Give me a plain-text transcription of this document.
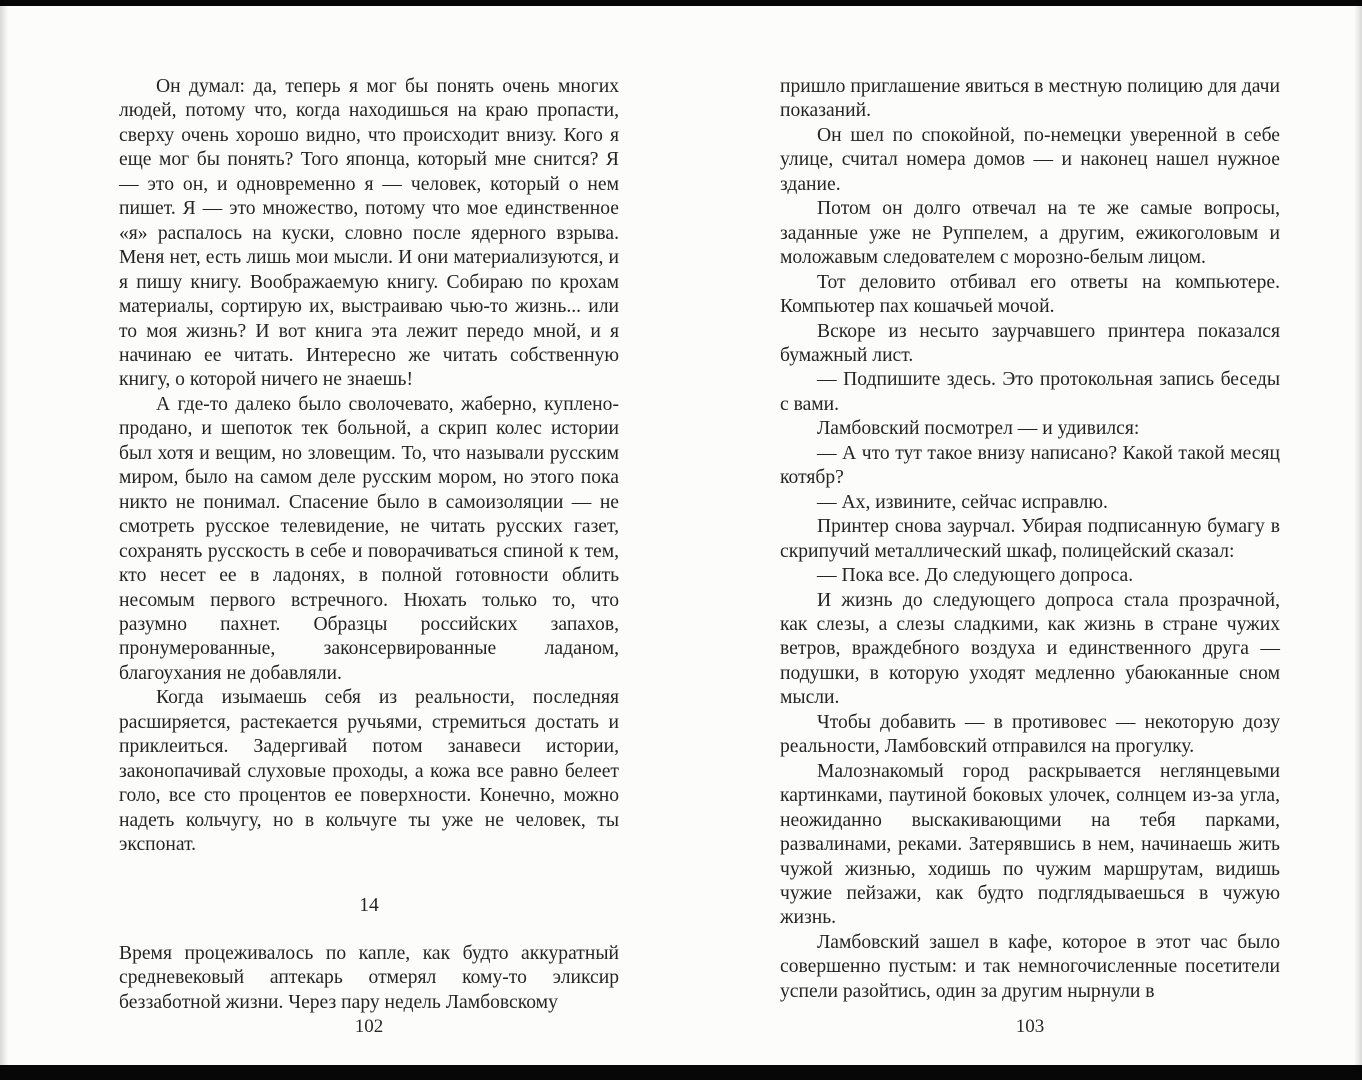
Он думал: да, теперь я мог бы понять очень многих людей, потому что, когда находишься на краю пропасти, сверху очень хорошо видно, что происходит внизу. Кого я еще мог бы понять? Того японца, который мне снится? Я — это он, и одновременно я — человек, который о нем пишет. Я — это множество, потому что мое единственное «я» распалось на куски, словно после ядерного взрыва. Меня нет, есть лишь мои мысли. И они материализуются, и я пишу книгу. Воображаемую книгу. Собираю по крохам материалы, сортирую их, выстраиваю чью-то жизнь... или то моя жизнь? И вот книга эта лежит передо мной, и я начинаю ее читать. Интересно же читать собственную книгу, о которой ничего не знаешь!

А где-то далеко было сволочевато, жаберно, куплено-продано, и шепоток тек больной, а скрип колес истории был хотя и вещим, но зловещим. То, что называли русским миром, было на самом деле русским мором, но этого пока никто не понимал. Спасение было в самоизоляции — не смотреть русское телевидение, не читать русских газет, сохранять русскость в себе и поворачиваться спиной к тем, кто несет ее в ладонях, в полной готовности облить несомым первого встречного. Нюхать только то, что разумно пахнет. Образцы российских запахов, пронумерованные, законсервированные ладаном, благоухания не добавляли.

Когда изымаешь себя из реальности, последняя расширяется, растекается ручьями, стремиться достать и приклеиться. Задергивай потом занавеси истории, законопачивай слуховые проходы, а кожа все равно белеет голо, все сто процентов ее поверхности. Конечно, можно надеть кольчугу, но в кольчуге ты уже не человек, ты экспонат.

14

Время процеживалось по капле, как будто аккуратный средневековый аптекарь отмерял кому-то эликсир беззаботной жизни. Через пару недель Ламбовскому

пришло приглашение явиться в местную полицию для дачи показаний.

Он шел по спокойной, по-немецки уверенной в себе улице, считал номера домов — и наконец нашел нужное здание.

Потом он долго отвечал на те же самые вопросы, заданные уже не Руппелем, а другим, ежикоголовым и моложавым следователем с морозно-белым лицом.

Тот деловито отбивал его ответы на компьютере. Компьютер пах кошачьей мочой.

Вскоре из несыто заурчавшего принтера показался бумажный лист.

— Подпишите здесь. Это протокольная запись беседы с вами.

Ламбовский посмотрел — и удивился:

— А что тут такое внизу написано? Какой такой месяц котябр?

— Ах, извините, сейчас исправлю.

Принтер снова заурчал. Убирая подписанную бумагу в скрипучий металлический шкаф, полицейский сказал:

— Пока все. До следующего допроса.

И жизнь до следующего допроса стала прозрачной, как слезы, а слезы сладкими, как жизнь в стране чужих ветров, враждебного воздуха и единственного друга — подушки, в которую уходят медленно убаюканные сном мысли.

Чтобы добавить — в противовес — некоторую дозу реальности, Ламбовский отправился на прогулку.

Малознакомый город раскрывается неглянцевыми картинками, паутиной боковых улочек, солнцем из-за угла, неожиданно выскакивающими на тебя парками, развалинами, реками. Затерявшись в нем, начинаешь жить чужой жизнью, ходишь по чужим маршрутам, видишь чужие пейзажи, как будто подглядываешься в чужую жизнь.

Ламбовский зашел в кафе, которое в этот час было совершенно пустым: и так немногочисленные посетители успели разойтись, один за другим нырнули в

102	103
